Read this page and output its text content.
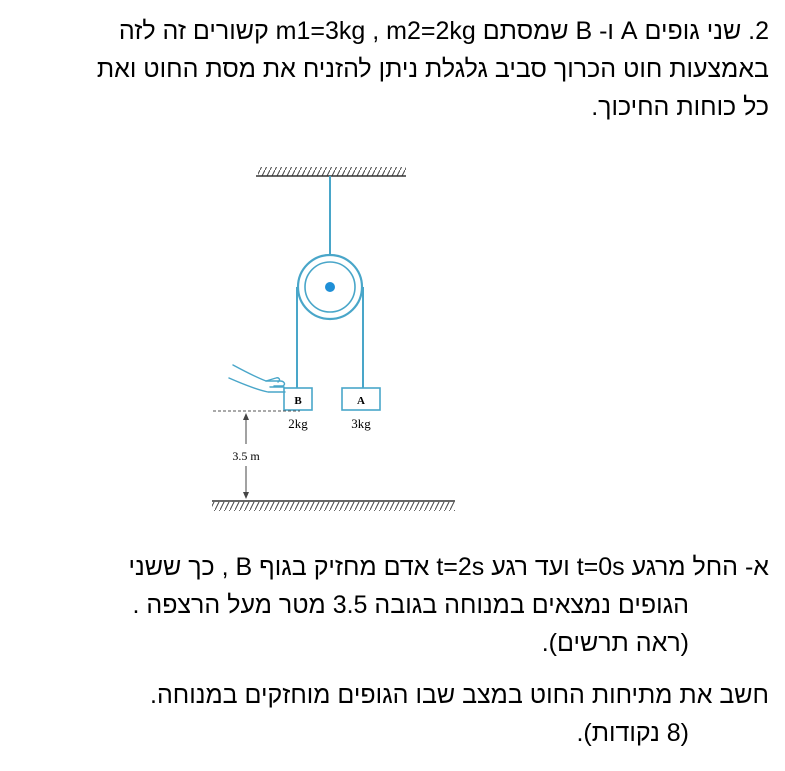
2. שני גופים A ו- B שמסתם m1=3kg , m2=2kg קשורים זה לזה
באמצעות חוט הכרוך סביב גלגלת ניתן להזניח את מסת החוט ואת
כל כוחות החיכוך.
B
2kg
A
3kg
3.5 m
א- החל מרגע t=0s ועד רגע t=2s אדם מחזיק בגוף B , כך ששני
הגופים נמצאים במנוחה בגובה 3.5 מטר מעל הרצפה .
(ראה תרשים).
חשב את מתיחות החוט במצב שבו הגופים מוחזקים במנוחה.
(8 נקודות).
